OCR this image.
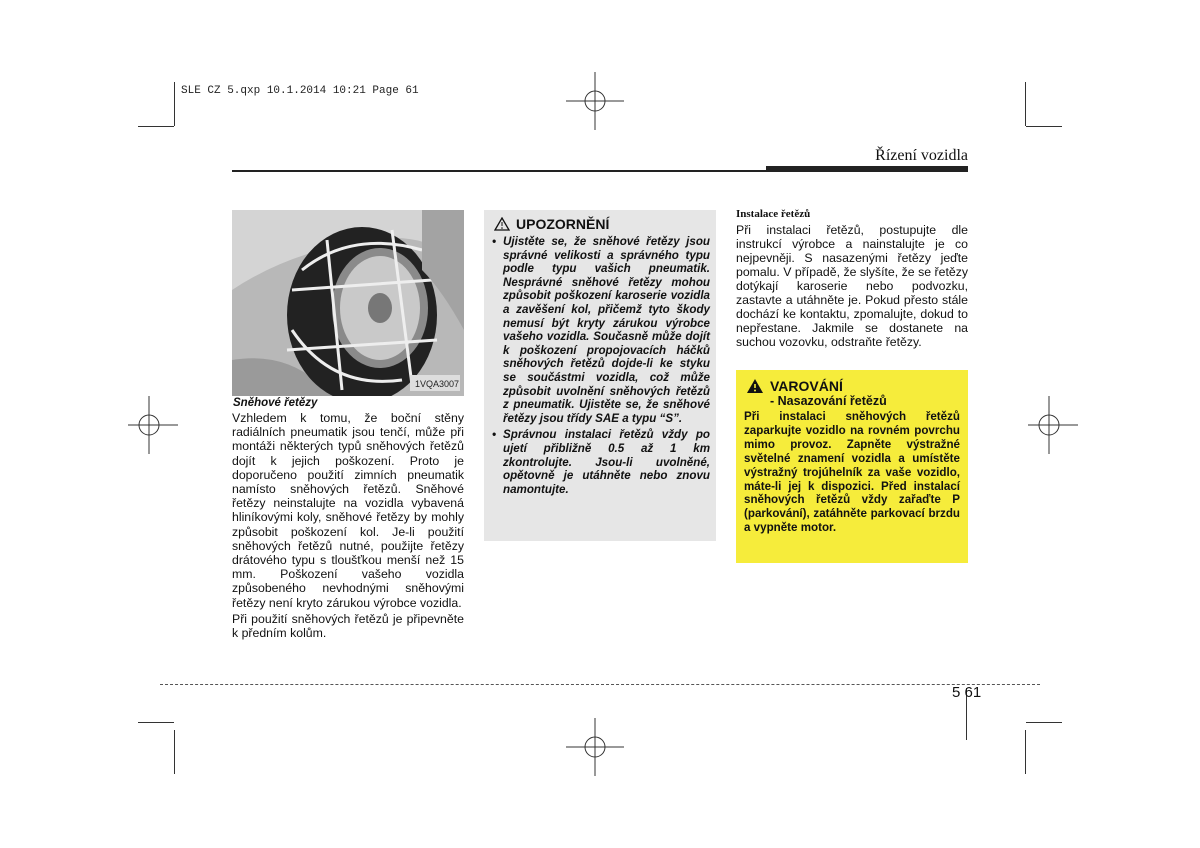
SLE CZ 5.qxp 10.1.2014 10:21 Page 61
Řízení vozidla
1VQA3007
Sněhové řetězy

Vzhledem k tomu, že boční stěny radiálních pneumatik jsou tenčí, může při montáži některých typů sněhových řetězů dojít k jejich poškození. Proto je doporučeno použití zimních pneumatik namísto sněhových řetězů. Sněhové řetězy neinstalujte na vozidla vybavená hliníkovými koly, sněhové řetězy by mohly způsobit poškození kol. Je-li použití sněhových řetězů nutné, použijte řetězy drátového typu s tloušťkou menší než 15 mm. Poškození vašeho vozidla způsobeného nevhodnými sněhovými řetězy není kryto zárukou výrobce vozidla.

Při použití sněhových řetězů je připevněte k předním kolům.

UPOZORNĚNÍ
• Ujistěte se, že sněhové řetězy jsou správné velikosti a správného typu podle typu vašich pneumatik. Nesprávné sněhové řetězy mohou způsobit poškození karoserie vozidla a zavěšení kol, přičemž tyto škody nemusí být kryty zárukou výrobce vašeho vozidla. Současně může dojít k poškození propojovacích háčků sněhových řetězů dojde-li ke styku se součástmi vozidla, což může způsobit uvolnění sněhových řetězů z pneumatik. Ujistěte se, že sněhové řetězy jsou třídy SAE a typu “S”.
• Správnou instalaci řetězů vždy po ujetí přibližně 0.5 až 1 km zkontrolujte. Jsou-li uvolněné, opětovně je utáhněte nebo znovu namontujte.
Instalace řetězů
Při instalaci řetězů, postupujte dle instrukcí výrobce a nainstalujte je co nejpevněji. S nasazenými řetězy jeďte pomalu. V případě, že slyšíte, že se řetězy dotýkají karoserie nebo podvozku, zastavte a utáhněte je. Pokud přesto stále dochází ke kontaktu, zpomalujte, dokud to nepřestane. Jakmile se dostanete na suchou vozovku, odstraňte řetězy.
VAROVÁNÍ
- Nasazování řetězů

Při instalaci sněhových řetězů zaparkujte vozidlo na rovném povrchu mimo provoz. Zapněte výstražné světelné znamení vozidla a umístěte výstražný trojúhelník za vaše vozidlo, máte-li jej k dispozici. Před instalací sněhových řetězů vždy zařaďte P (parkování), zatáhněte parkovací brzdu a vypněte motor.

5 61
